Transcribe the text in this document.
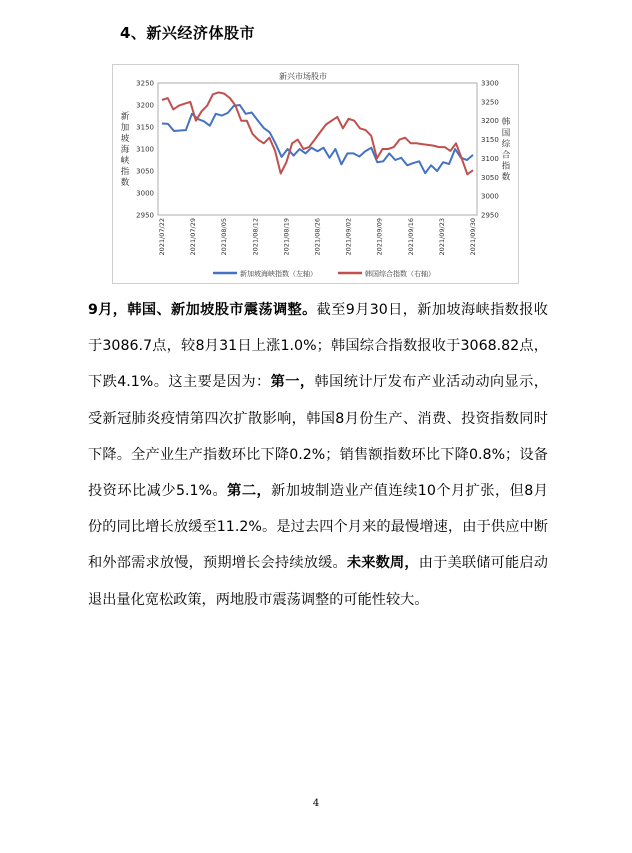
4、新兴经济体股市
新兴市场股市
2950
3000
3050
3100
3150
3200
3250
2950
3000
3050
3100
3150
3200
3250
3300
2021/07/22	2021/07/29	2021/08/05	2021/08/12	2021/08/19	2021/08/26	2021/09/02	2021/09/09	2021/09/16	2021/09/23	2021/09/30
新加坡海峡指数
韩国综合指数
新加坡海峡指数（左轴）	韩国综合指数（右轴）

9月，韩国、新加坡股市震荡调整。截至9月30日，新加坡海峡指数报收于3086.7点，较8月31日上涨1.0%；韩国综合指数报收于3068.82点，下跌4.1%。这主要是因为：第一，韩国统计厅发布产业活动动向显示，受新冠肺炎疫情第四次扩散影响，韩国8月份生产、消费、投资指数同时下降。全产业生产指数环比下降0.2%；销售额指数环比下降0.8%；设备投资环比减少5.1%。第二，新加坡制造业产值连续10个月扩张，但8月份的同比增长放缓至11.2%。是过去四个月来的最慢增速，由于供应中断和外部需求放慢，预期增长会持续放缓。未来数周，由于美联储可能启动退出量化宽松政策，两地股市震荡调整的可能性较大。

4
